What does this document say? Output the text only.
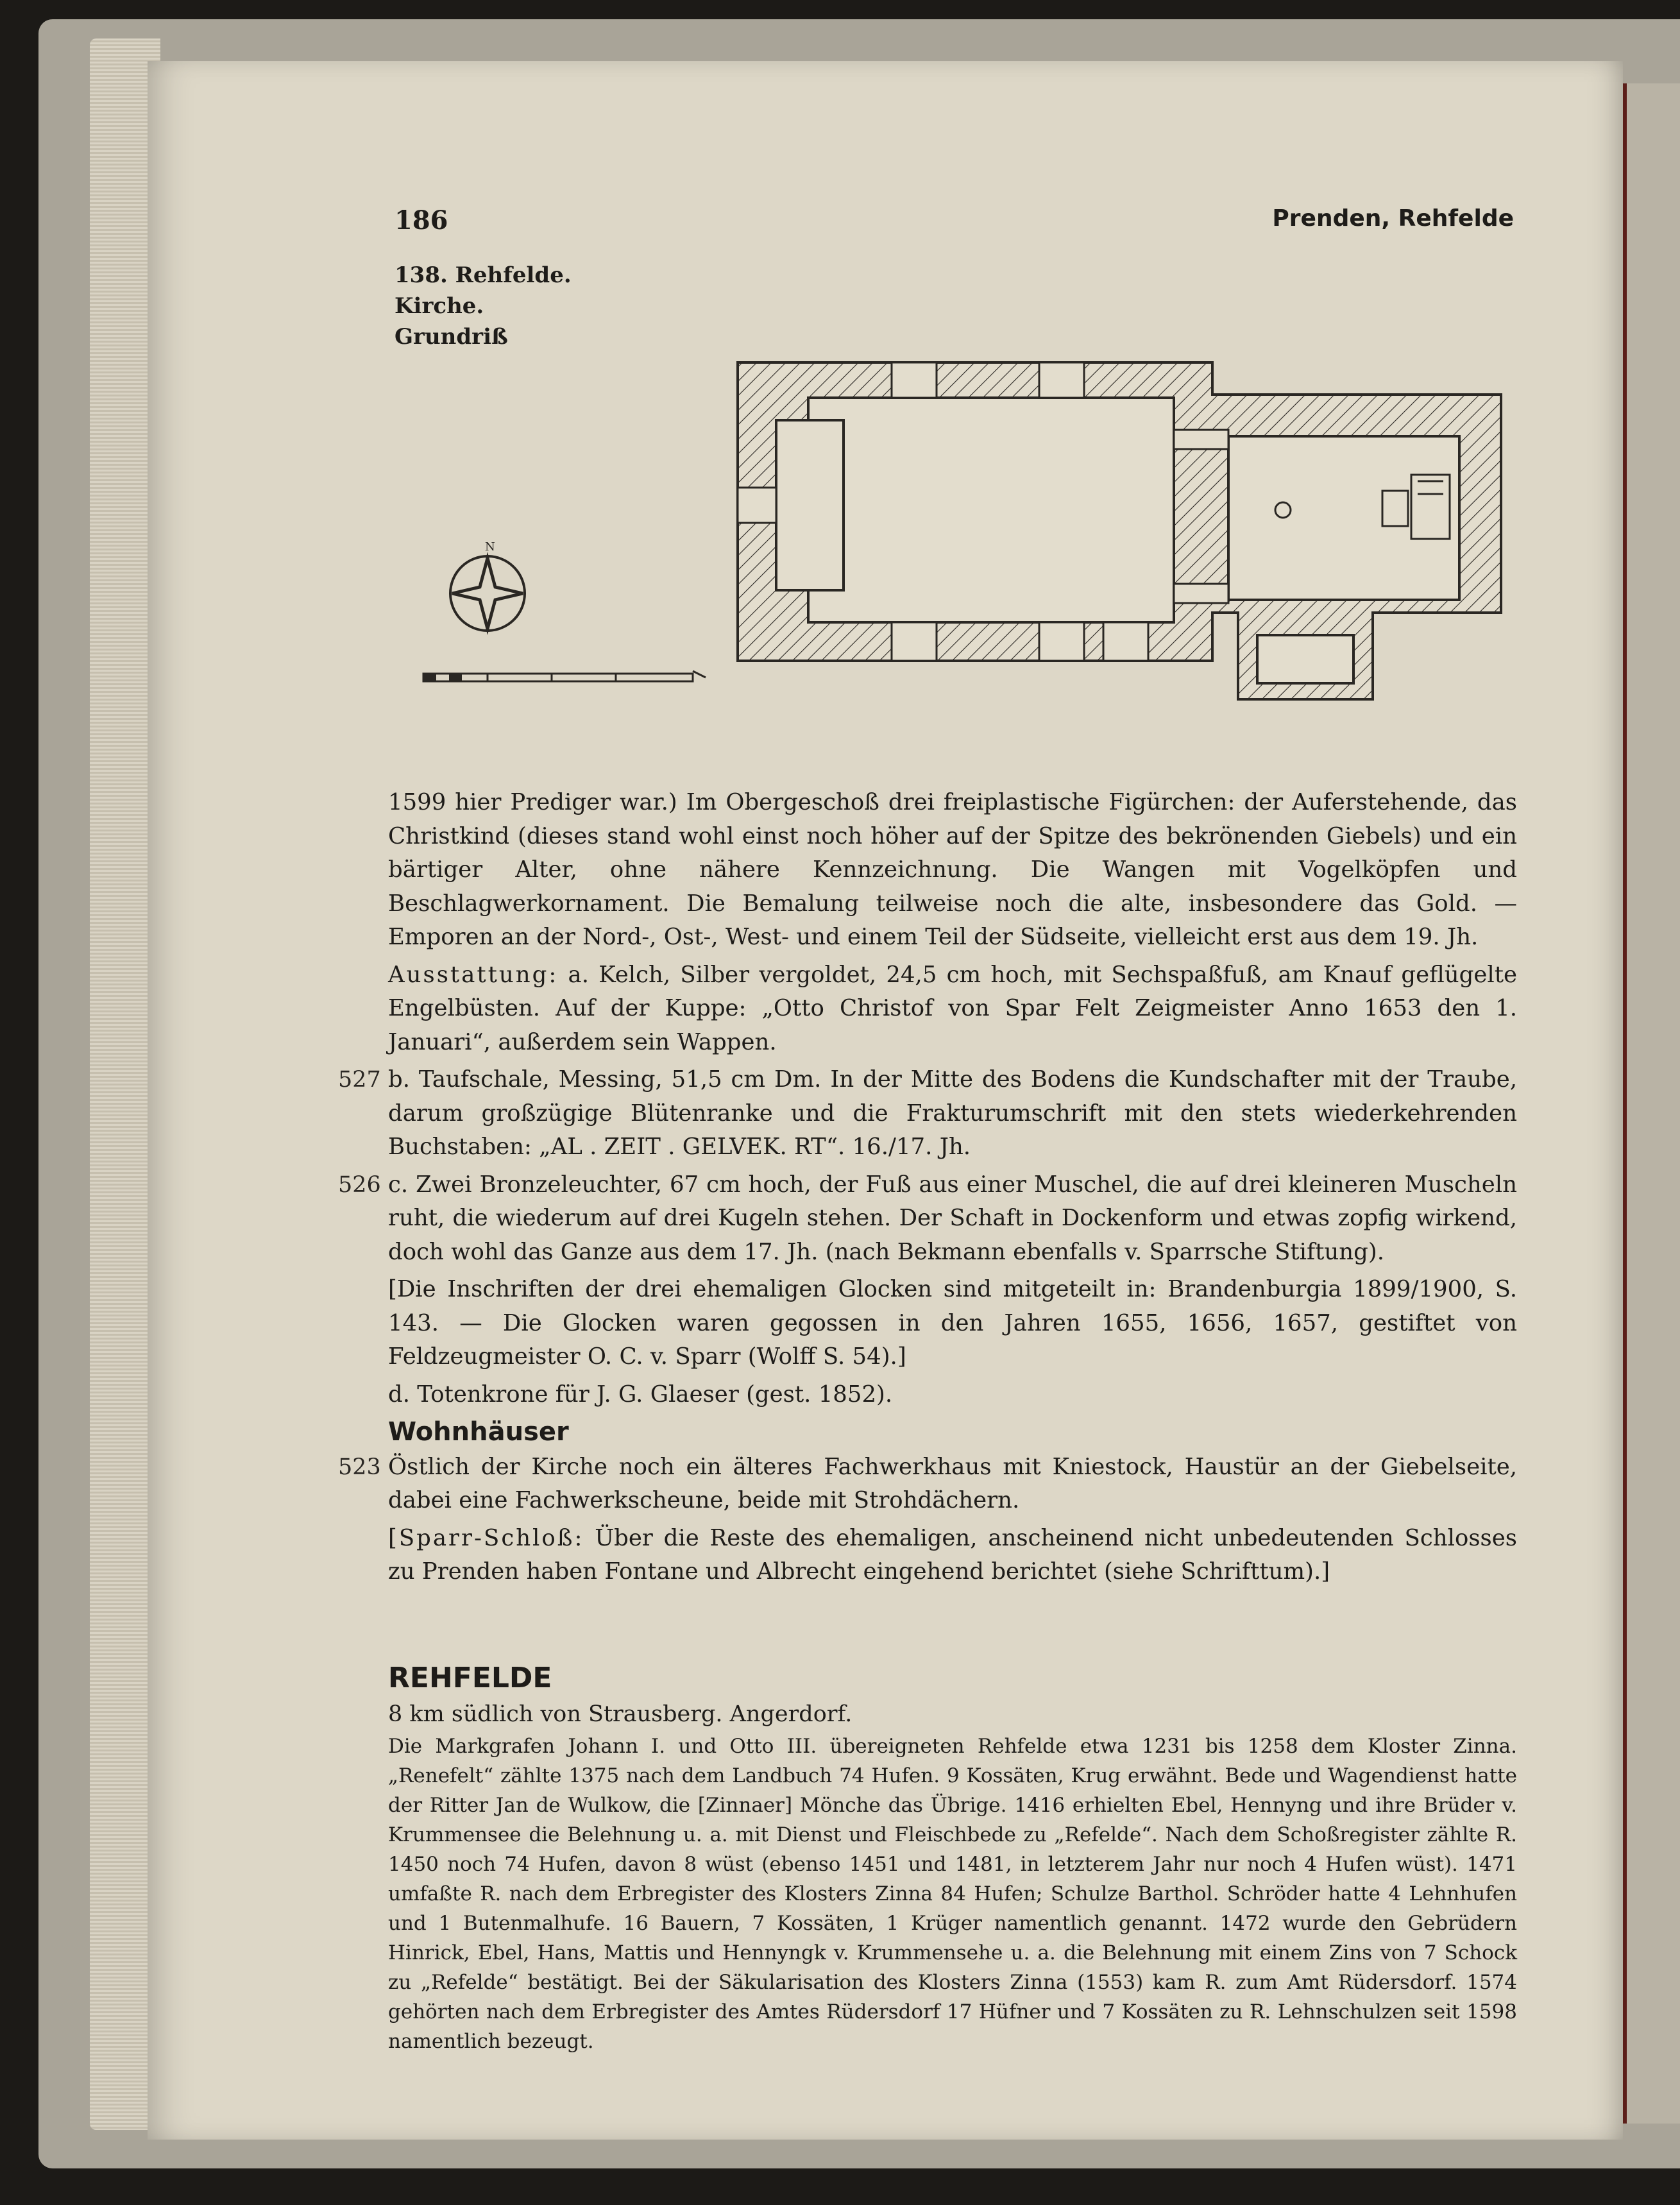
186	Prenden, Rehfelde
138. Rehfelde. Kirche.
Grundriß
N

1599 hier Prediger war.) Im Obergeschoß drei freiplastische Figürchen: der Auferstehende, das Christkind (dieses stand wohl einst noch höher auf der Spitze des bekrönenden Giebels) und ein bärtiger Alter, ohne nähere Kennzeichnung. Die Wangen mit Vogelköpfen und Beschlagwerkornament. Die Bemalung teilweise noch die alte, insbesondere das Gold. — Emporen an der Nord-, Ost-, West- und einem Teil der Südseite, vielleicht erst aus dem 19. Jh.

Ausstattung: a. Kelch, Silber vergoldet, 24,5 cm hoch, mit Sechspaßfuß, am Knauf geflügelte Engelbüsten. Auf der Kuppe: „Otto Christof von Spar Felt Zeigmeister Anno 1653 den 1. Januari“, außerdem sein Wappen.

527 b. Taufschale, Messing, 51,5 cm Dm. In der Mitte des Bodens die Kundschafter mit der Traube, darum großzügige Blütenranke und die Frakturumschrift mit den stets wiederkehrenden Buchstaben: „AL . ZEIT . GELVEK. RT“. 16./17. Jh.

526 c. Zwei Bronzeleuchter, 67 cm hoch, der Fuß aus einer Muschel, die auf drei kleineren Muscheln ruht, die wiederum auf drei Kugeln stehen. Der Schaft in Dockenform und etwas zopfig wirkend, doch wohl das Ganze aus dem 17. Jh. (nach Bekmann ebenfalls v. Sparrsche Stiftung).

[Die Inschriften der drei ehemaligen Glocken sind mitgeteilt in: Brandenburgia 1899/1900, S. 143. — Die Glocken waren gegossen in den Jahren 1655, 1656, 1657, gestiftet von Feldzeugmeister O. C. v. Sparr (Wolff S. 54).]

d. Totenkrone für J. G. Glaeser (gest. 1852).

Wohnhäuser

523 Östlich der Kirche noch ein älteres Fachwerkhaus mit Kniestock, Haustür an der Giebelseite, dabei eine Fachwerkscheune, beide mit Strohdächern.

[Sparr-Schloß: Über die Reste des ehemaligen, anscheinend nicht unbedeutenden Schlosses zu Prenden haben Fontane und Albrecht eingehend berichtet (siehe Schrifttum).]

REHFELDE

8 km südlich von Strausberg. Angerdorf.

Die Markgrafen Johann I. und Otto III. übereigneten Rehfelde etwa 1231 bis 1258 dem Kloster Zinna. „Renefelt“ zählte 1375 nach dem Landbuch 74 Hufen. 9 Kossäten, Krug erwähnt. Bede und Wagendienst hatte der Ritter Jan de Wulkow, die [Zinnaer] Mönche das Übrige. 1416 erhielten Ebel, Hennyng und ihre Brüder v. Krummensee die Belehnung u. a. mit Dienst und Fleischbede zu „Refelde“. Nach dem Schoßregister zählte R. 1450 noch 74 Hufen, davon 8 wüst (ebenso 1451 und 1481, in letzterem Jahr nur noch 4 Hufen wüst). 1471 umfaßte R. nach dem Erbregister des Klosters Zinna 84 Hufen; Schulze Barthol. Schröder hatte 4 Lehnhufen und 1 Butenmalhufe. 16 Bauern, 7 Kossäten, 1 Krüger namentlich genannt. 1472 wurde den Gebrüdern Hinrick, Ebel, Hans, Mattis und Hennyngk v. Krummensehe u. a. die Belehnung mit einem Zins von 7 Schock zu „Refelde“ bestätigt. Bei der Säkularisation des Klosters Zinna (1553) kam R. zum Amt Rüdersdorf. 1574 gehörten nach dem Erbregister des Amtes Rüdersdorf 17 Hüfner und 7 Kossäten zu R. Lehnschulzen seit 1598 namentlich bezeugt.
